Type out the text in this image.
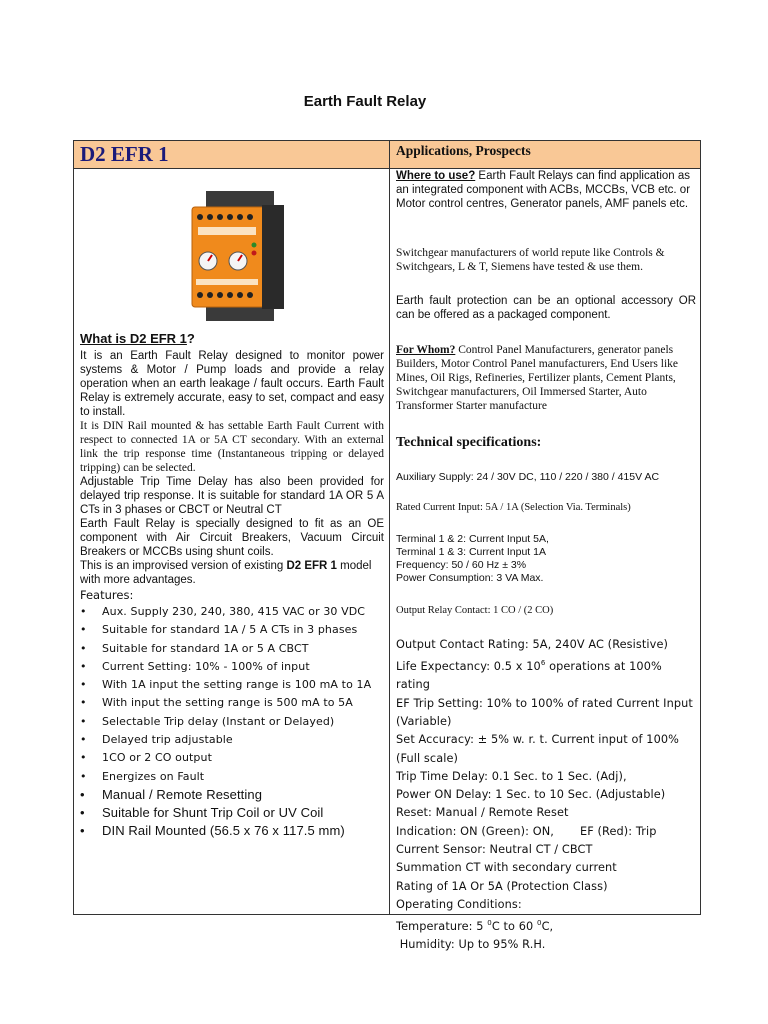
Earth Fault Relay
D2 EFR 1	Applications, Prospects
What is D2 EFR 1?
It is an Earth Fault Relay designed to monitor power systems & Motor / Pump loads and provide a relay operation when an earth leakage / fault occurs. Earth Fault Relay is extremely accurate, easy to set, compact and easy to install.
It is DIN Rail mounted & has settable Earth Fault Current with respect to connected 1A or 5A CT secondary. With an external link the trip response time (Instantaneous tripping or delayed tripping) can be selected.
Adjustable Trip Time Delay has also been provided for delayed trip response. It is suitable for standard 1A OR 5 A CTs in 3 phases or CBCT or Neutral CT
Earth Fault Relay is specially designed to fit as an OE component with Air Circuit Breakers, Vacuum Circuit Breakers or MCCBs using shunt coils.
This is an improvised version of existing D2 EFR 1 model with more advantages.
Features:
• Aux. Supply 230, 240, 380, 415 VAC or 30 VDC
• Suitable for standard 1A / 5 A CTs in 3 phases
• Suitable for standard 1A or 5 A CBCT
• Current Setting: 10% - 100% of input
• With 1A input the setting range is 100 mA to 1A
• With input the setting range is 500 mA to 5A
• Selectable Trip delay (Instant or Delayed)
• Delayed trip adjustable
• 1CO or 2 CO output
• Energizes on Fault
• Manual / Remote Resetting
• Suitable for Shunt Trip Coil or UV Coil
• DIN Rail Mounted (56.5 x 76 x 117.5 mm)
Where to use? Earth Fault Relays can find application as an integrated component with ACBs, MCCBs, VCB etc. or Motor control centres, Generator panels, AMF panels etc.
Switchgear manufacturers of world repute like Controls & Switchgears, L & T, Siemens have tested & use them.
Earth fault protection can be an optional accessory OR can be offered as a packaged component.
For Whom? Control Panel Manufacturers, generator panels Builders, Motor Control Panel manufacturers, End Users like Mines, Oil Rigs, Refineries, Fertilizer plants, Cement Plants, Switchgear manufacturers, Oil Immersed Starter, Auto Transformer Starter manufacture
Technical specifications:
Auxiliary Supply: 24 / 30V DC, 110 / 220 / 380 / 415V AC
Rated Current Input: 5A / 1A (Selection Via. Terminals)
Terminal 1 & 2: Current Input 5A,
Terminal 1 & 3: Current Input 1A
Frequency: 50 / 60 Hz ± 3%
Power Consumption: 3 VA Max.
Output Relay Contact: 1 CO / (2 CO)
Output Contact Rating: 5A, 240V AC (Resistive)
Life Expectancy: 0.5 x $10^6$ operations at 100% rating
EF Trip Setting: 10% to 100% of rated Current Input (Variable)
Set Accuracy: ± 5% w. r. t. Current input of 100% (Full scale)
Trip Time Delay: 0.1 Sec. to 1 Sec. (Adj),
Power ON Delay: 1 Sec. to 10 Sec. (Adjustable)
Reset: Manual / Remote Reset
Indication: ON (Green): ON, EF (Red): Trip
Current Sensor: Neutral CT / CBCT
Summation CT with secondary current
Rating of 1A Or 5A (Protection Class)
Operating Conditions:
Temperature: 5 $^0$C to 60 $^0$C,
Humidity: Up to 95% R.H.
